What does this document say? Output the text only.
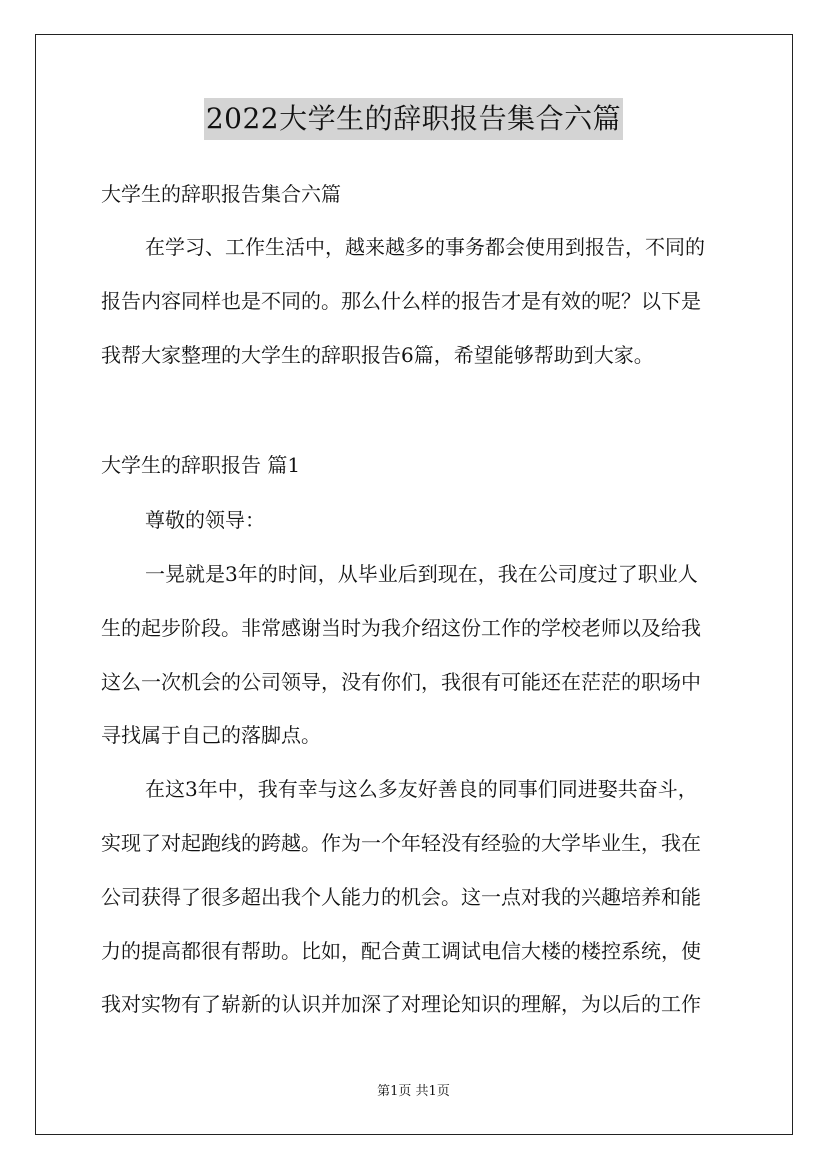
2022大学生的辞职报告集合六篇
大学生的辞职报告集合六篇
在学习、工作生活中，越来越多的事务都会使用到报告，不同的
报告内容同样也是不同的。那么什么样的报告才是有效的呢？以下是
我帮大家整理的大学生的辞职报告6篇，希望能够帮助到大家。
大学生的辞职报告 篇1
尊敬的领导：
一晃就是3年的时间，从毕业后到现在，我在公司度过了职业人
生的起步阶段。非常感谢当时为我介绍这份工作的学校老师以及给我
这么一次机会的公司领导，没有你们，我很有可能还在茫茫的职场中
寻找属于自己的落脚点。
在这3年中，我有幸与这么多友好善良的同事们同进娶共奋斗，
实现了对起跑线的跨越。作为一个年轻没有经验的大学毕业生，我在
公司获得了很多超出我个人能力的机会。这一点对我的兴趣培养和能
力的提高都很有帮助。比如，配合黄工调试电信大楼的楼控系统，使
我对实物有了崭新的认识并加深了对理论知识的理解，为以后的工作
第1页 共1页
